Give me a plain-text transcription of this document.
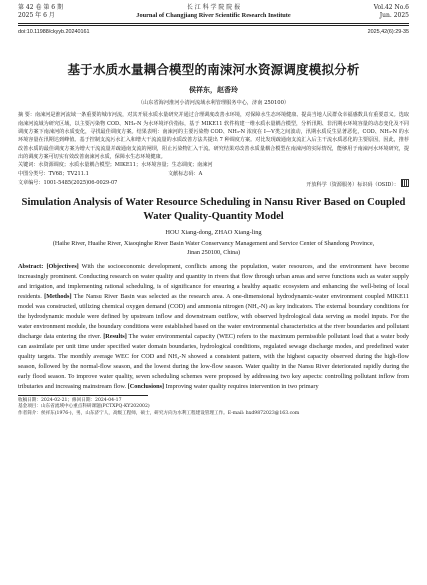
第 42 卷 第 6 期
2025 年 6 月
长 江 科 学 院 院 报
Journal of Changjiang River Scientific Research Institute
Vol.42 No.6
Jun. 2025
doi:10.11988/ckyyb.20240161	2025,42(6):29-35
基于水质水量耦合模型的南涑河水资源调度模拟分析
侯祥东，赵香玲
（山东省海河淮河小清河流域水利管理服务中心，济南 250100）
摘 要：南涑河是淮河流域一条重要的城市河流，对其开展水质水量研究并通过合理调度改善水环境，对保障水生态环境健康、提高当地人民群众幸福感数具有重要意义。选取南涑河流域为研究区域，以主要污染物 COD、NH₃-N 为水环境评价指标，基于 MIKE11 软件构建一维水质水量耦合模型，分析汛期、非汛期水环境容量的动态变化及不同调度方案下南涑河的水质变化，寻找最佳调度方案。结果表明：南涑河的主要污染物 COD、NH₃-N 浓度在 Ⅰ—Ⅴ类之间波动，汛期水质反生显著恶化，COD、NH₃-N 的水环境容量在汛期达到峰值。基于控制支流污水汇入和增大干流流量的水质改善方法共提出 7 种调度方案。对比发现疏通南支流汇入后主干流水质恶化的主要原因，因此，推荐改善水质的最佳调度方案为增大干流流量并疏通南支流的闸坝，阻止污染物汇入干流。研究结果对改善水质量耦合模型在南涑河的实际情况，能够用于南涑河水环境研究，提出的调度方案可切实有效改善南涑河水质，保障水生态环境健康。
关键词：水资源调度；水质水量耦合模型；MIKE11；水环境容量；生态调度；南涑河
中图分类号：TV68；TV211.1	文献标志码：A
文章编号：1001-5485(2025)06-0029-07	开放科学（资源服务）标识码（OSID）：
Simulation Analysis of Water Resource Scheduling in Nansu River Based on Coupled Water Quality-Quantity Model
HOU Xiang-dong, ZHAO Xiang-ling
(Haihe River, Huaihe River, Xiaoqinghe River Basin Water Conservancy Management and Service Center of Shandong Province, Jinan 250100, China)
Abstract: [Objectives] With the socioeconomic development, conflicts among the population, water resources, and the environment have become increasingly prominent. Conducting research on water quality and quantity in rivers that flow through urban areas and serve functions such as water supply and irrigation, and implementing rational scheduling, is of significance for ensuring a healthy aquatic ecosystem and enhancing the well-being of local residents. [Methods] The Nansu River Basin was selected as the research area. A one-dimensional hydrodynamic-water environment coupled MIKE11 model was constructed, utilizing chemical oxygen demand (COD) and ammonia nitrogen (NH₃-N) as key indicators. The external boundary conditions for the hydrodynamic module were defined by upstream inflow and downstream outflow, with observed hydrological data serving as model inputs. For the water environment module, the boundary conditions were established based on the water environmental characteristics at the river boundaries and pollutant discharge data entering the river. [Results] The water environmental capacity (WEC) refers to the maximum permissible pollutant load that a water body can assimilate per unit time under specified water domain boundaries, hydrological conditions, regulated sewage discharge modes, and predefined water quality targets. The monthly average WEC for COD and NH₃-N showed a consistent pattern, with the highest capacity observed during the high-flow season, followed by the normal-flow season, and the lowest during the low-flow season. Water quality in the Nansu River deteriorated rapidly during the early flood season. To improve water quality, seven scheduling schemes were proposed by addressing two key aspects: controlling pollutant inflow from tributaries and increasing mainstream flow. [Conclusions] Improving water quality requires intervention in two primary
收稿日期：2024-02-21；修回日期：2024-04-17
基金项目：山东省流域中心重点科研课题(PCTXPQ-KY202002)
作者简介：侯祥东(1976-)，男，山东济宁人，高级工程师，硕士，研究方向为水利工程建设管理工作。E-mail: hxd9872023@163.com
